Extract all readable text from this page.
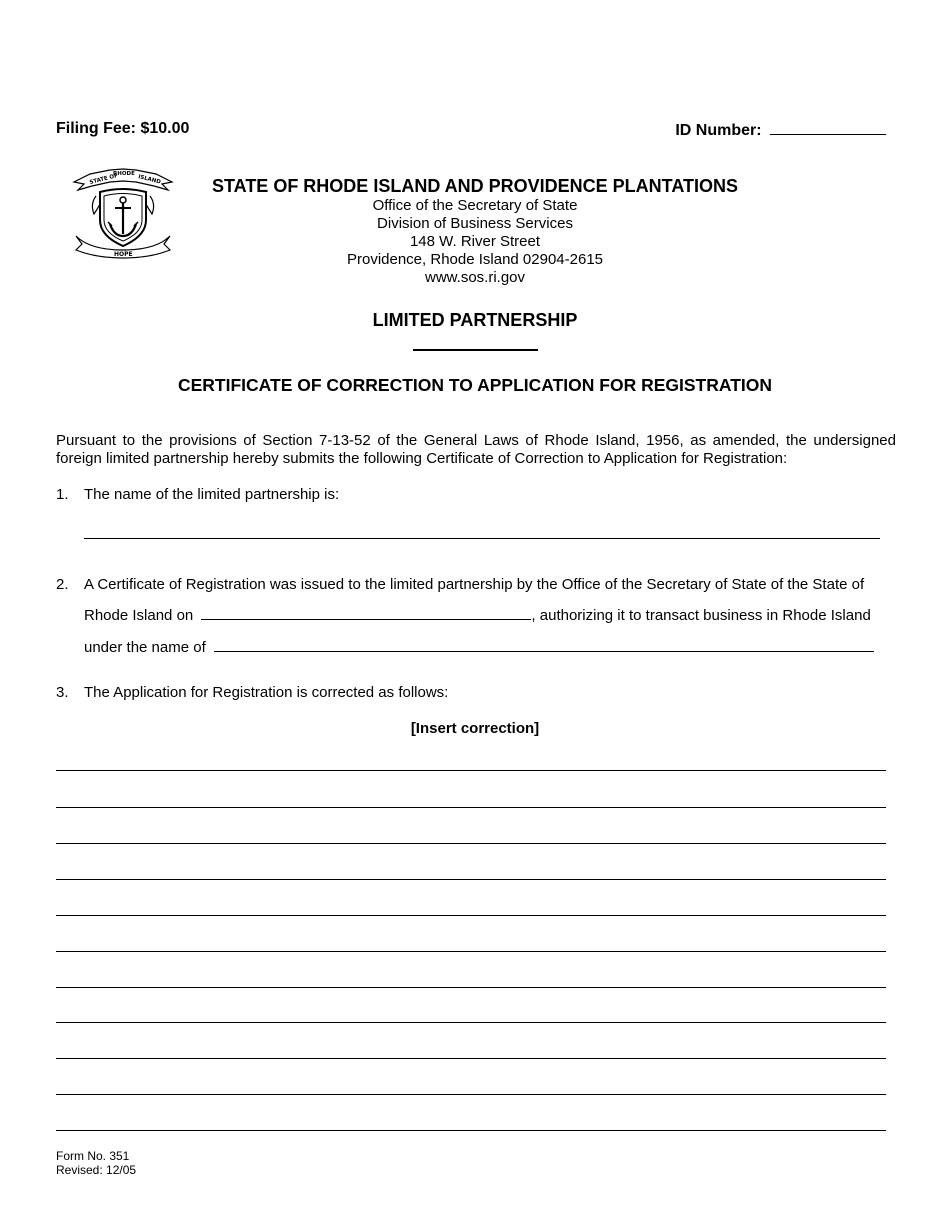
Filing Fee: $10.00	ID Number:
STATE OF
RHODE
ISLAND
HOPE
STATE OF RHODE ISLAND AND PROVIDENCE PLANTATIONS
Office of the Secretary of State
Division of Business Services
148 W. River Street
Providence, Rhode Island 02904-2615
www.sos.ri.gov
LIMITED PARTNERSHIP
CERTIFICATE OF CORRECTION TO APPLICATION FOR REGISTRATION
Pursuant to the provisions of Section 7-13-52 of the General Laws of Rhode Island, 1956, as amended, the undersigned foreign limited partnership hereby submits the following Certificate of Correction to Application for Registration:
1. The name of the limited partnership is:
2. A Certificate of Registration was issued to the limited partnership by the Office of the Secretary of State of the State of
Rhode Island on	, authorizing it to transact business in Rhode Island
under the name of
3. The Application for Registration is corrected as follows:
[Insert correction]
Form No. 351
Revised: 12/05
